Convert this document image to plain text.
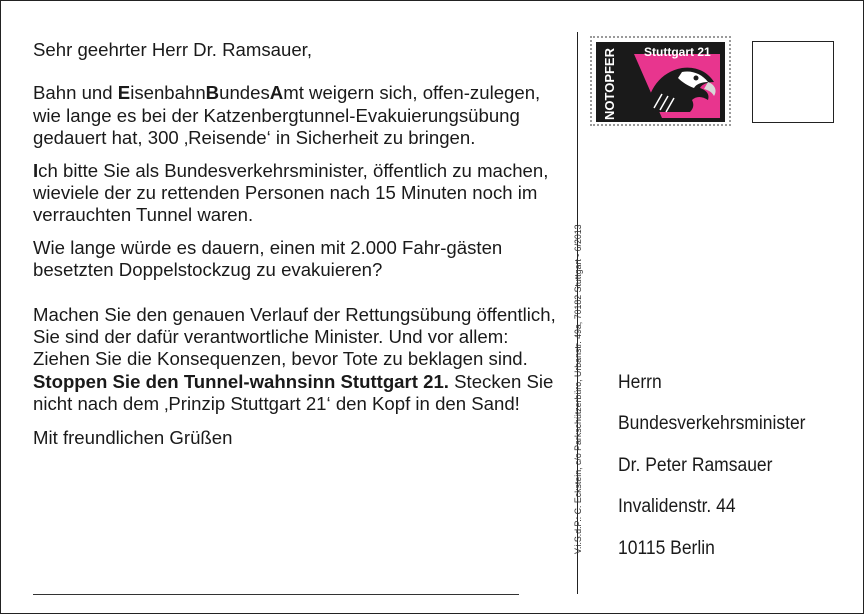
Sehr geehrter Herr Dr. Ramsauer,

Bahn und EisenbahnBundesAmt weigern sich, offen-zulegen, wie lange es bei der Katzenbergtunnel-Evakuierungsübung gedauert hat, 300 ‚Reisende‘ in Sicherheit zu bringen.

Ich bitte Sie als Bundesverkehrsminister, öffentlich zu machen, wieviele der zu rettenden Personen nach 15 Minuten noch im verrauchten Tunnel waren.

Wie lange würde es dauern, einen mit 2.000 Fahr-gästen besetzten Doppelstockzug zu evakuieren?

Machen Sie den genauen Verlauf der Rettungsübung öffentlich, Sie sind der dafür verantwortliche Minister. Und vor allem: Ziehen Sie die Konsequenzen, bevor Tote zu beklagen sind. Stoppen Sie den Tunnel-wahnsinn Stuttgart 21. Stecken Sie nicht nach dem ‚Prinzip Stuttgart 21‘ den Kopf in den Sand!

Mit freundlichen Grüßen	V.i.S.d.P.: C. Eckstein, c/o Parkschützerbüro, Urbanstr. 49a, 70182 Stuttgart - 6/2013
NOTOPFER Stuttgart 21
Herrn
Bundesverkehrsminister
Dr. Peter Ramsauer
Invalidenstr. 44
10115 Berlin
